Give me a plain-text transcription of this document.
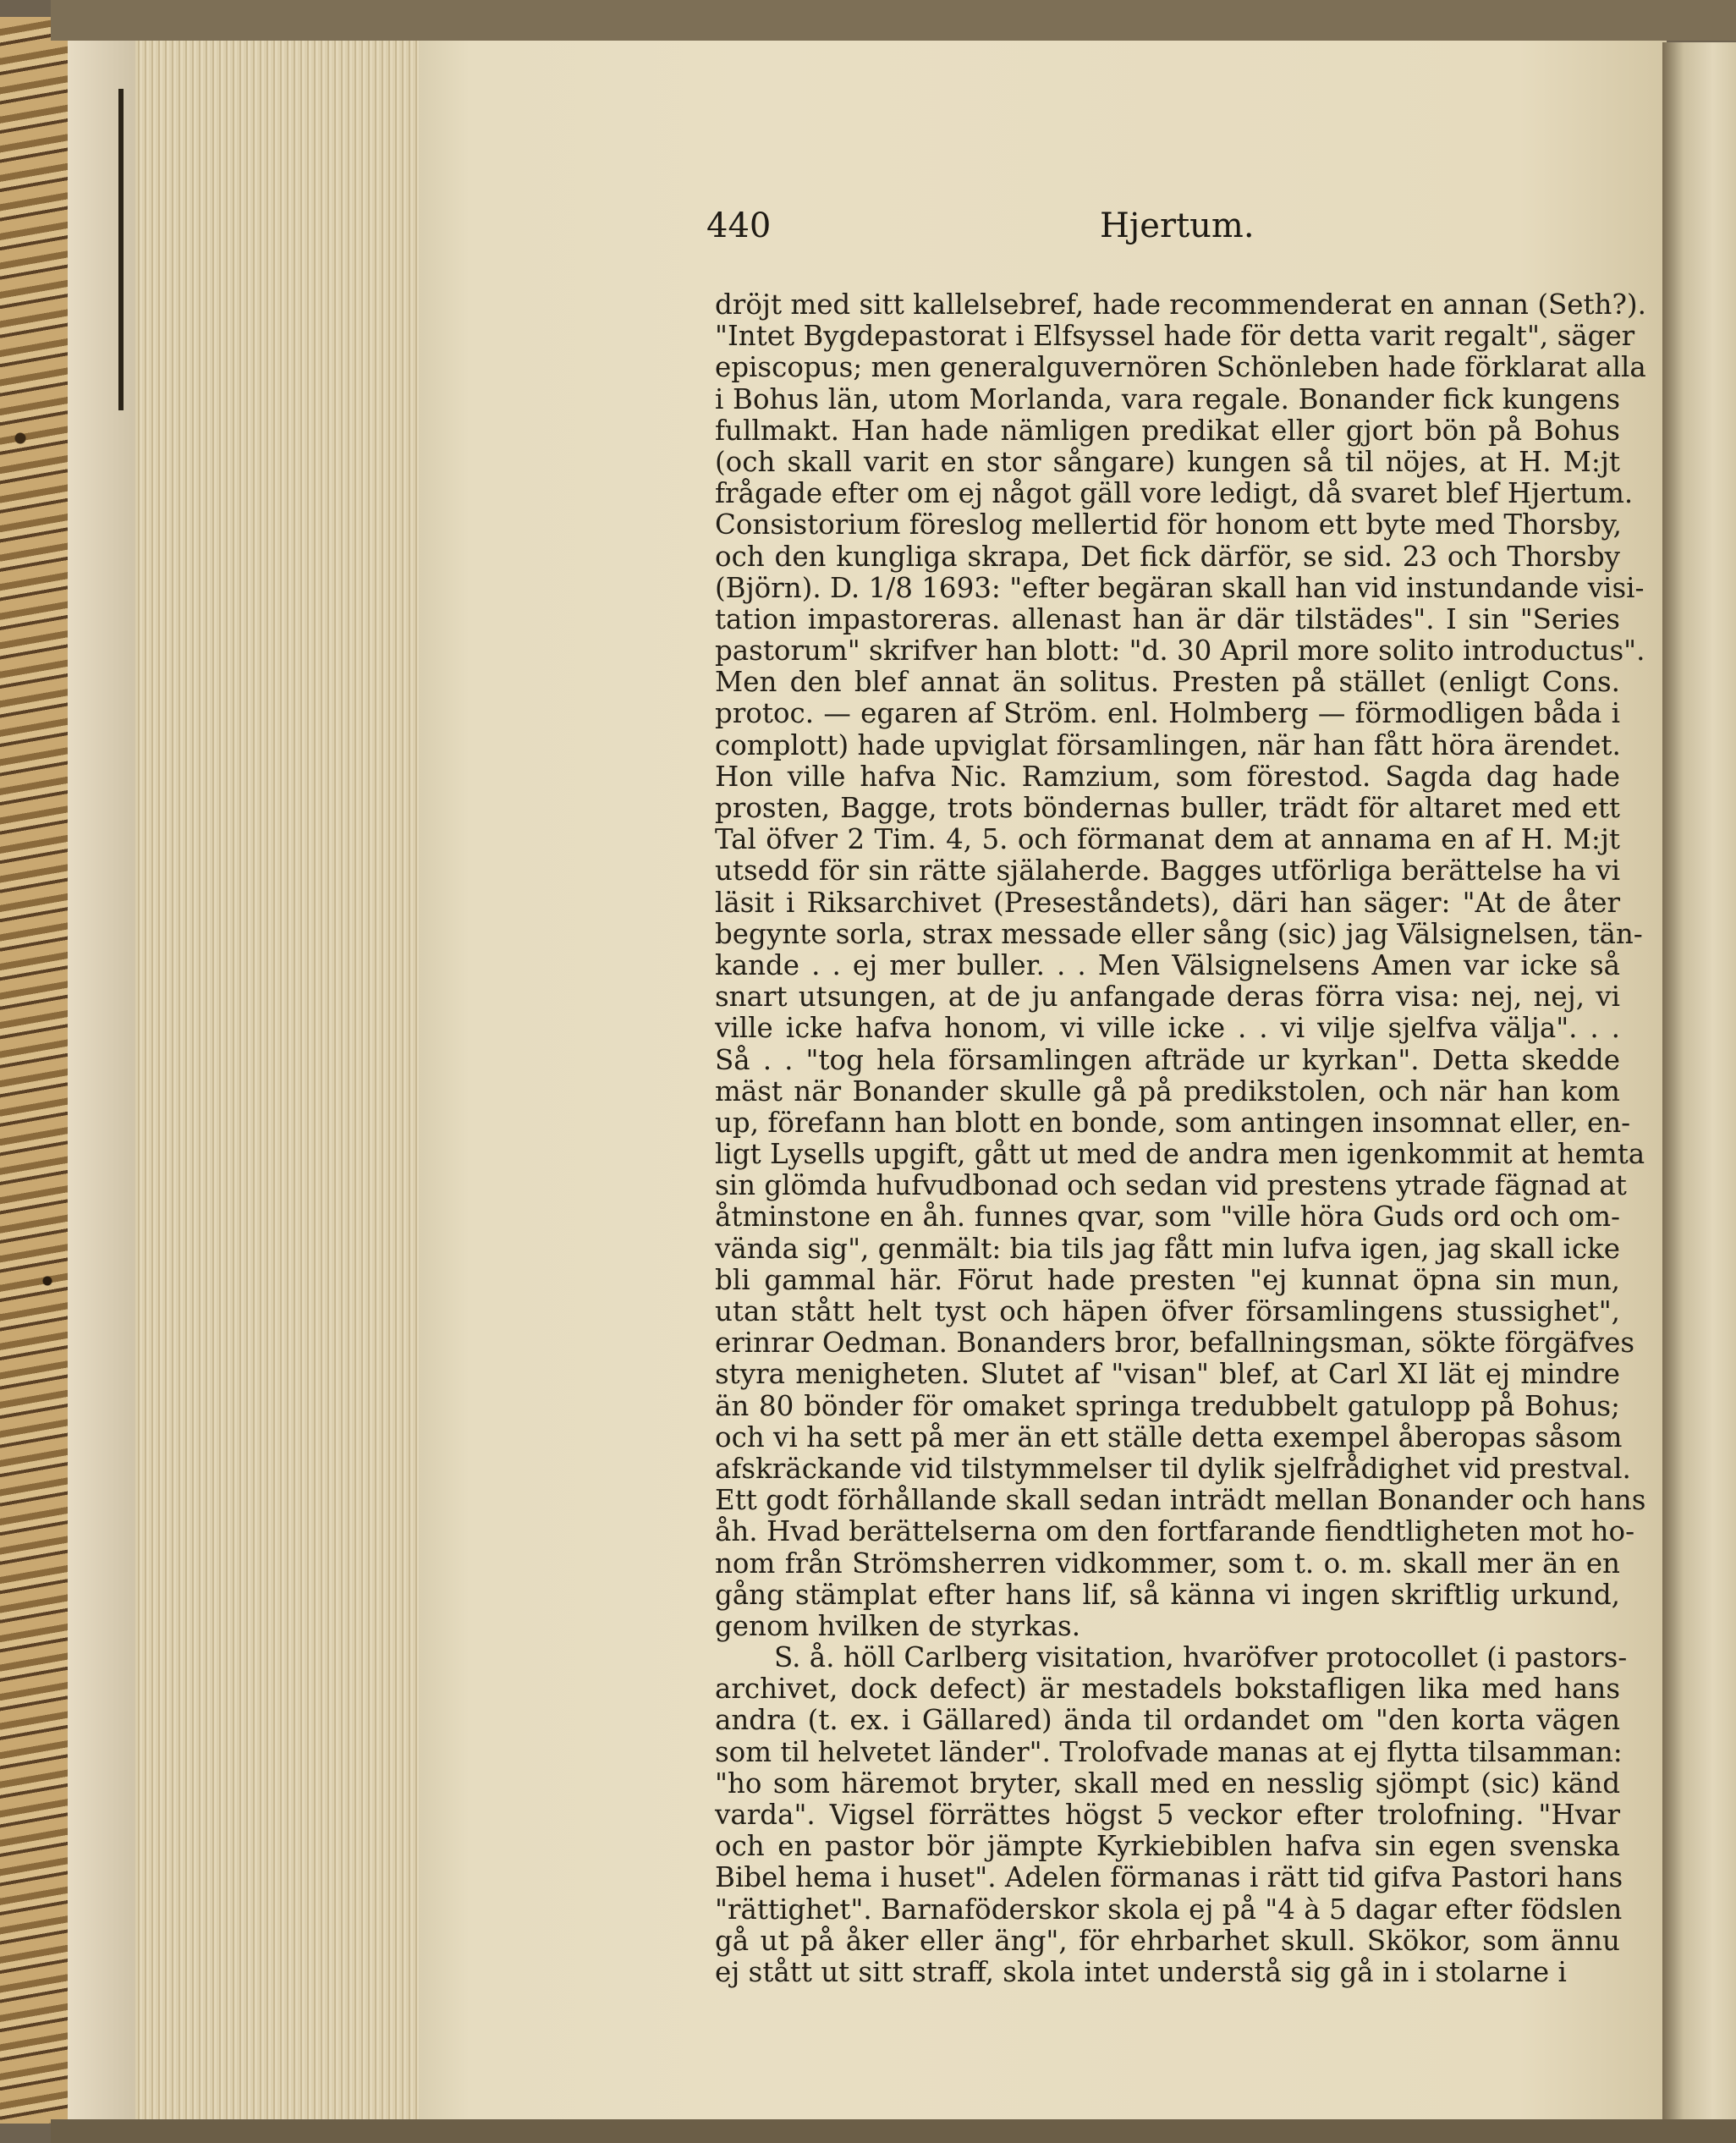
440	Hjertum.
dröjt med sitt kallelsebref, hade recommenderat en annan (Seth?).
"Intet Bygdepastorat i Elfsyssel hade för detta varit regalt", säger
episcopus; men generalguvernören Schönleben hade förklarat alla
i Bohus län, utom Morlanda, vara regale. Bonander fick kungens
fullmakt. Han hade nämligen predikat eller gjort bön på Bohus
(och skall varit en stor sångare) kungen så til nöjes, at H. M:jt
frågade efter om ej något gäll vore ledigt, då svaret blef Hjertum.
Consistorium föreslog mellertid för honom ett byte med Thorsby,
och den kungliga skrapa, Det fick därför, se sid. 23 och Thorsby
(Björn). D. 1/8 1693: "efter begäran skall han vid instundande visi-
tation impastoreras. allenast han är där tilstädes". I sin "Series
pastorum" skrifver han blott: "d. 30 April more solito introductus".
Men den blef annat än solitus. Presten på stället (enligt Cons.
protoc. — egaren af Ström. enl. Holmberg — förmodligen båda i
complott) hade upviglat församlingen, när han fått höra ärendet.
Hon ville hafva Nic. Ramzium, som förestod. Sagda dag hade
prosten, Bagge, trots böndernas buller, trädt för altaret med ett
Tal öfver 2 Tim. 4, 5. och förmanat dem at annama en af H. M:jt
utsedd för sin rätte själaherde. Bagges utförliga berättelse ha vi
läsit i Riksarchivet (Preseståndets), däri han säger: "At de åter
begynte sorla, strax messade eller sång (sic) jag Välsignelsen, tän-
kande . . ej mer buller. . . Men Välsignelsens Amen var icke så
snart utsungen, at de ju anfangade deras förra visa: nej, nej, vi
ville icke hafva honom, vi ville icke . . vi vilje sjelfva välja". . .
Så . . "tog hela församlingen afträde ur kyrkan". Detta skedde
mäst när Bonander skulle gå på predikstolen, och när han kom
up, förefann han blott en bonde, som antingen insomnat eller, en-
ligt Lysells upgift, gått ut med de andra men igenkommit at hemta
sin glömda hufvudbonad och sedan vid prestens ytrade fägnad at
åtminstone en åh. funnes qvar, som "ville höra Guds ord och om-
vända sig", genmält: bia tils jag fått min lufva igen, jag skall icke
bli gammal här. Förut hade presten "ej kunnat öpna sin mun,
utan stått helt tyst och häpen öfver församlingens stussighet",
erinrar Oedman. Bonanders bror, befallningsman, sökte förgäfves
styra menigheten. Slutet af "visan" blef, at Carl XI lät ej mindre
än 80 bönder för omaket springa tredubbelt gatulopp på Bohus;
och vi ha sett på mer än ett ställe detta exempel åberopas såsom
afskräckande vid tilstymmelser til dylik sjelfrådighet vid prestval.
Ett godt förhållande skall sedan inträdt mellan Bonander och hans
åh. Hvad berättelserna om den fortfarande fiendtligheten mot ho-
nom från Strömsherren vidkommer, som t. o. m. skall mer än en
gång stämplat efter hans lif, så känna vi ingen skriftlig urkund,
genom hvilken de styrkas.
S. å. höll Carlberg visitation, hvaröfver protocollet (i pastors-
archivet, dock defect) är mestadels bokstafligen lika med hans
andra (t. ex. i Gällared) ända til ordandet om "den korta vägen
som til helvetet länder". Trolofvade manas at ej flytta tilsamman:
"ho som häremot bryter, skall med en nesslig sjömpt (sic) känd
varda". Vigsel förrättes högst 5 veckor efter trolofning. "Hvar
och en pastor bör jämpte Kyrkiebiblen hafva sin egen svenska
Bibel hema i huset". Adelen förmanas i rätt tid gifva Pastori hans
"rättighet". Barnaföderskor skola ej på "4 à 5 dagar efter födslen
gå ut på åker eller äng", för ehrbarhet skull. Skökor, som ännu
ej stått ut sitt straff, skola intet understå sig gå in i stolarne i
